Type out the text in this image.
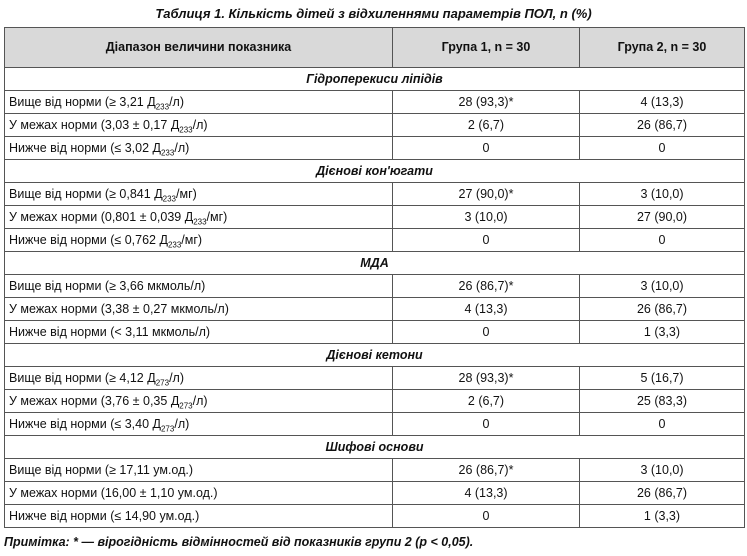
Таблиця 1. Кількість дітей з відхиленнями параметрів ПОЛ, n (%)
Діапазон величини показника	Група 1, n = 30	Група 2, n = 30
Гідроперекиси ліпідів		
Вище від норми (≥ 3,21 $Д_{233}/л$)	28 (93,3)*	4 (13,3)
У межах норми (3,03 ± 0,17 $Д_{233}/л$)	2 (6,7)	26 (86,7)
Нижче від норми (≤ 3,02 $Д_{233}/л$)	0	0
Дієнові кон'югати		
Вище від норми (≥ 0,841 $Д_{233}/мг$)	27 (90,0)*	3 (10,0)
У межах норми (0,801 ± 0,039 $Д_{233}/мг$)	3 (10,0)	27 (90,0)
Нижче від норми (≤ 0,762 $Д_{233}/мг$)	0	0
МДА		
Вище від норми (≥ 3,66 мкмоль/л)	26 (86,7)*	3 (10,0)
У межах норми (3,38 ± 0,27 мкмоль/л)	4 (13,3)	26 (86,7)
Нижче від норми (< 3,11 мкмоль/л)	0	1 (3,3)
Дієнові кетони		
Вище від норми (≥ 4,12 $Д_{273}/л$)	28 (93,3)*	5 (16,7)
У межах норми (3,76 ± 0,35 $Д_{273}/л$)	2 (6,7)	25 (83,3)
Нижче від норми (≤ 3,40 $Д_{273}/л$)	0	0
Шифові основи		
Вище від норми (≥ 17,11 ум.од.)	26 (86,7)*	3 (10,0)
У межах норми (16,00 ± 1,10 ум.од.)	4 (13,3)	26 (86,7)
Нижче від норми (≤ 14,90 ум.од.)	0	1 (3,3)
Примітка: * — вірогідність відмінностей від показників групи 2 (р < 0,05).
